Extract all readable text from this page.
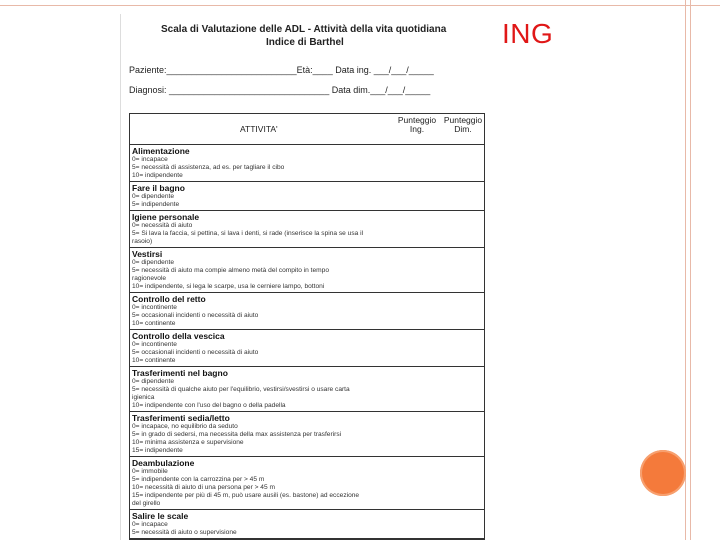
ING
Scala di Valutazione delle ADL - Attività della vita quotidiana
Indice di Barthel
Paziente:__________________________Età:____ Data ing. ___/___/_____
Diagnosi: ________________________________ Data dim.___/___/_____
ATTIVITA'
Punteggio Ing.
Punteggio Dim.
Alimentazione
0= incapace
5= necessità di assistenza, ad es. per tagliare il cibo
10= indipendente
Fare il bagno
0= dipendente
5= indipendente
Igiene personale
0= necessità di aiuto
5= Si lava la faccia, si pettina, si lava i denti, si rade (inserisce la spina se usa il
rasoio)
Vestirsi
0= dipendente
5= necessità di aiuto ma compie almeno metà del compito in tempo
ragionevole
10= indipendente, si lega le scarpe, usa le cerniere lampo, bottoni
Controllo del retto
0= incontinente
5= occasionali incidenti o necessità di aiuto
10= continente
Controllo della vescica
0= incontinente
5= occasionali incidenti o necessità di aiuto
10= continente
Trasferimenti nel bagno
0= dipendente
5= necessità di qualche aiuto per l'equilibrio, vestirsi/svestirsi o usare carta
igienica
10= indipendente con l'uso del bagno o della padella
Trasferimenti sedia/letto
0= incapace, no equilibrio da seduto
5= in grado di sedersi, ma necessita della max assistenza per trasferirsi
10= minima assistenza e supervisione
15= indipendente
Deambulazione
0= immobile
5= indipendente con la carrozzina per > 45 m
10= necessità di aiuto di una persona per > 45 m
15= indipendente per più di 45 m, può usare ausili (es. bastone) ad eccezione
del girello
Salire le scale
0= incapace
5= necessità di aiuto o supervisione
